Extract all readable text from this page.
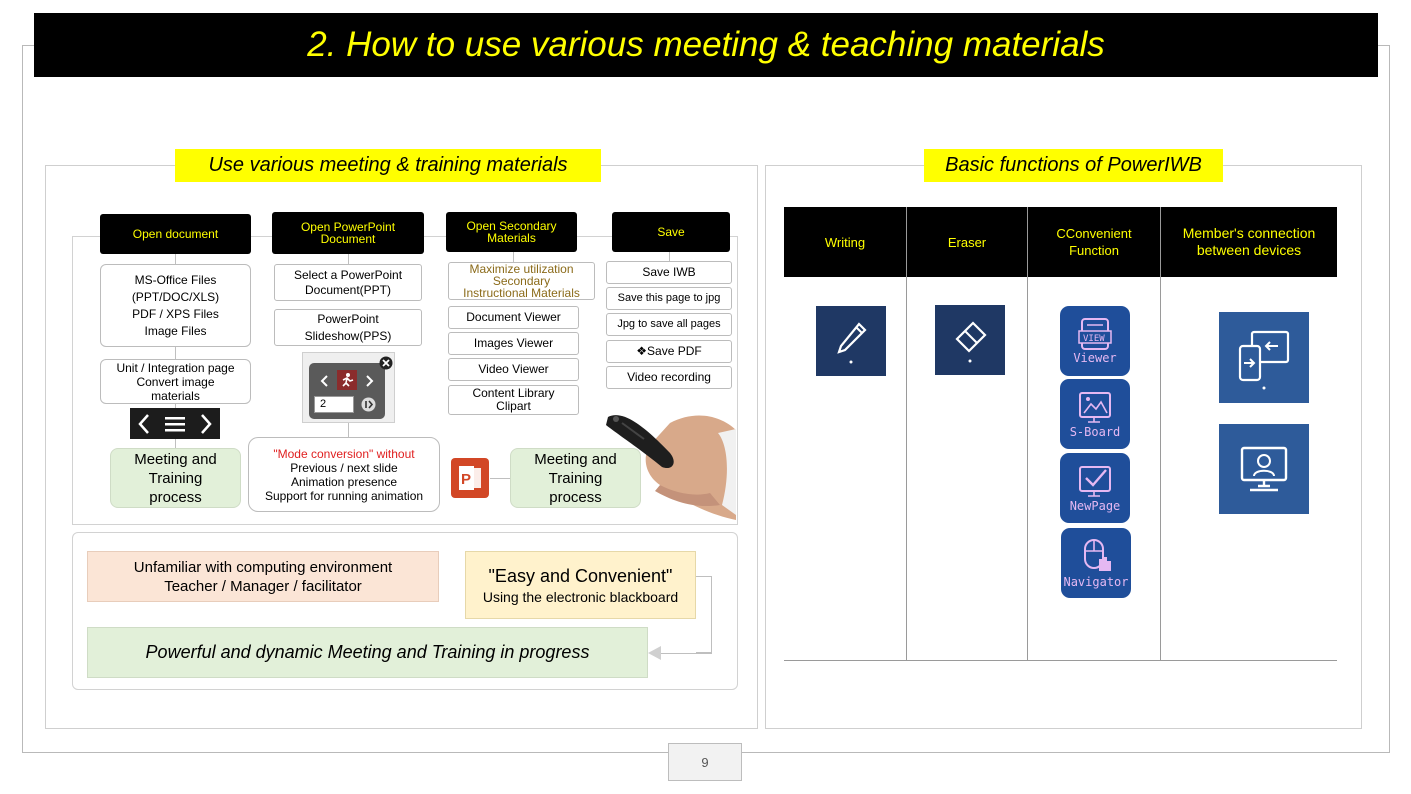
2. How to use various meeting & teaching materials
Use various meeting & training materials
Open document
MS-Office Files
(PPT/DOC/XLS)
PDF / XPS Files
Image Files
Unit / Integration page
Convert image
materials
Meeting and
Training
process
Open PowerPoint
Document
Select a PowerPoint
Document(PPT)
PowerPoint
Slideshow(PPS)
2
"Mode conversion" without
Previous / next slide
Animation presence
Support for running animation
P
Meeting and
Training
process
Open Secondary
Materials
Maximize utilization
Secondary
Instructional Materials
Document Viewer
Images Viewer
Video Viewer
Content Library
Clipart
Save
Save IWB
Save this page to jpg
Jpg to save all pages
❖Save PDF
Video recording
Unfamiliar with computing environment
Teacher / Manager / facilitator	"Easy and Convenient"
Using the electronic blackboard
Powerful and dynamic Meeting and Training in progress
Basic functions of PowerIWB
Writing	Eraser
CConvenient
Function
Member's connection
between devices
VIEW
Viewer
S-Board
NewPage
Navigator
9
